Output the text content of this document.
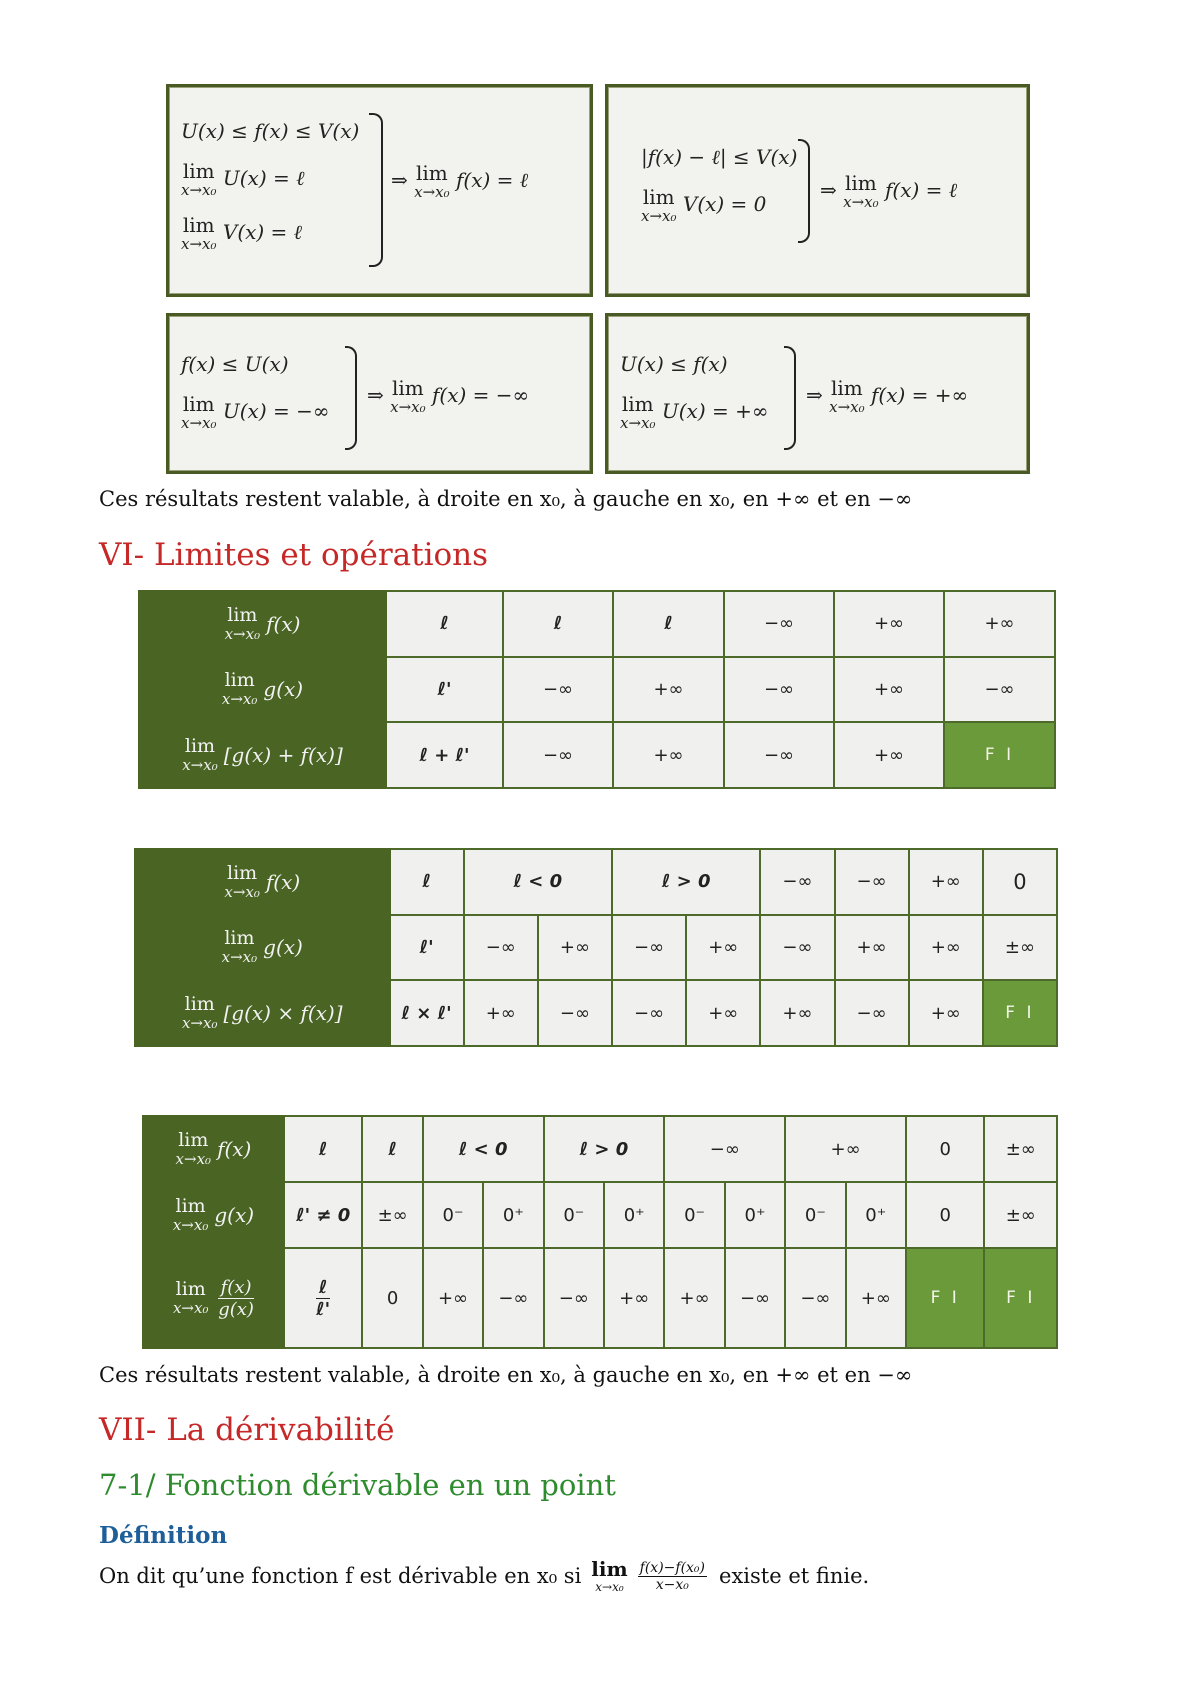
U(x) ≤ f(x) ≤ V(x)
lim
x→x₀ U(x) = ℓ
lim
x→x₀ V(x) = ℓ
⇒ lim
x→x₀ f(x) = ℓ
|f(x) − ℓ| ≤ V(x)
lim
x→x₀ V(x) = 0
⇒ lim
x→x₀ f(x) = ℓ
f(x) ≤ U(x)
lim
x→x₀ U(x) = −∞
⇒ lim
x→x₀ f(x) = −∞
U(x) ≤ f(x)
lim
x→x₀ U(x) = +∞
⇒ lim
x→x₀ f(x) = +∞
Ces résultats restent valable, à droite en x₀, à gauche en x₀, en +∞ et en −∞
VI- Limites et opérations
lim
x→x₀ f(x)	ℓ	ℓ	ℓ	−∞	+∞	+∞

lim
x→x₀ g(x)	ℓ'	−∞	+∞	−∞	+∞	−∞

lim
x→x₀ [g(x) + f(x)]	ℓ + ℓ'	−∞	+∞	−∞	+∞	F I
lim
x→x₀ f(x)	ℓ	ℓ < 0		ℓ > 0		−∞	−∞	+∞	0

lim
x→x₀ g(x)	ℓ'	−∞	+∞	−∞	+∞	−∞	+∞	+∞	±∞

lim
x→x₀ [g(x) × f(x)]	ℓ × ℓ'	+∞	−∞	−∞	+∞	+∞	−∞	+∞	F I
lim
x→x₀ f(x)	ℓ	ℓ	ℓ < 0		ℓ > 0		−∞		+∞		0	±∞

lim
x→x₀ g(x)	ℓ' ≠ 0	±∞	0⁻	0⁺	0⁻	0⁺	0⁻	0⁺	0⁻	0⁺	0	±∞

lim
x→x₀
$\frac{f(x)}{g(x)}$	$\frac{\text{ℓ}}{\text{ℓ'}}$	0	+∞	−∞	−∞	+∞	+∞	−∞	−∞	+∞	F I	F I
Ces résultats restent valable, à droite en x₀, à gauche en x₀, en +∞ et en −∞
VII- La dérivabilité
7-1/ Fonction dérivable en un point
Définition
On dit qu’une fonction f est dérivable en x₀ si lim
$x\to x_0 \frac{\text{f(x)−f(x₀)}}{\text{x−x₀}}$ existe et finie.
